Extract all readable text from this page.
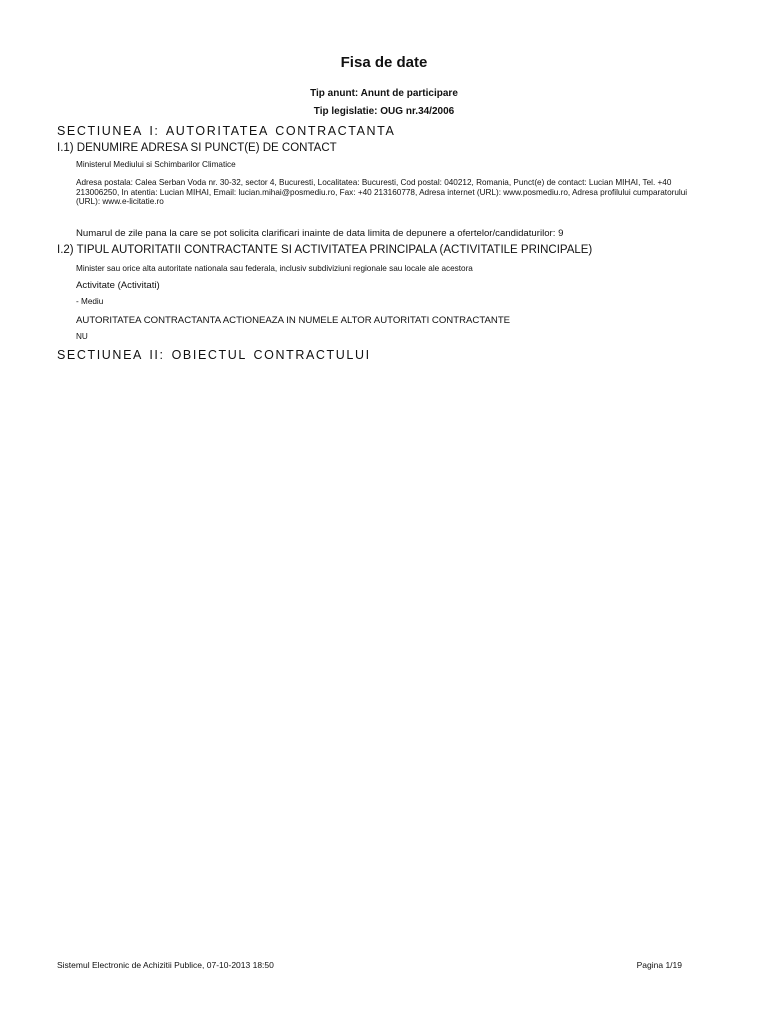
Fisa de date
Tip anunt: Anunt de participare
Tip legislatie: OUG nr.34/2006
SECTIUNEA I: AUTORITATEA CONTRACTANTA
I.1) DENUMIRE ADRESA SI PUNCT(E) DE CONTACT
Ministerul Mediului si Schimbarilor Climatice
Adresa postala: Calea Serban Voda nr. 30-32, sector 4, Bucuresti, Localitatea: Bucuresti, Cod postal: 040212, Romania, Punct(e) de contact: Lucian MIHAI, Tel. +40 213006250, In atentia: Lucian MIHAI, Email: lucian.mihai@posmediu.ro, Fax: +40 213160778, Adresa internet (URL): www.posmediu.ro, Adresa profilului cumparatorului (URL): www.e-licitatie.ro
Numarul de zile pana la care se pot solicita clarificari inainte de data limita de depunere a ofertelor/candidaturilor: 9
I.2) TIPUL AUTORITATII CONTRACTANTE SI ACTIVITATEA PRINCIPALA (ACTIVITATILE PRINCIPALE)
Minister sau orice alta autoritate nationala sau federala, inclusiv subdiviziuni regionale sau locale ale acestora
Activitate (Activitati)
- Mediu
AUTORITATEA CONTRACTANTA ACTIONEAZA IN NUMELE ALTOR AUTORITATI CONTRACTANTE
NU
SECTIUNEA II: OBIECTUL CONTRACTULUI
Sistemul Electronic de Achizitii Publice, 07-10-2013 18:50	Pagina 1/19
